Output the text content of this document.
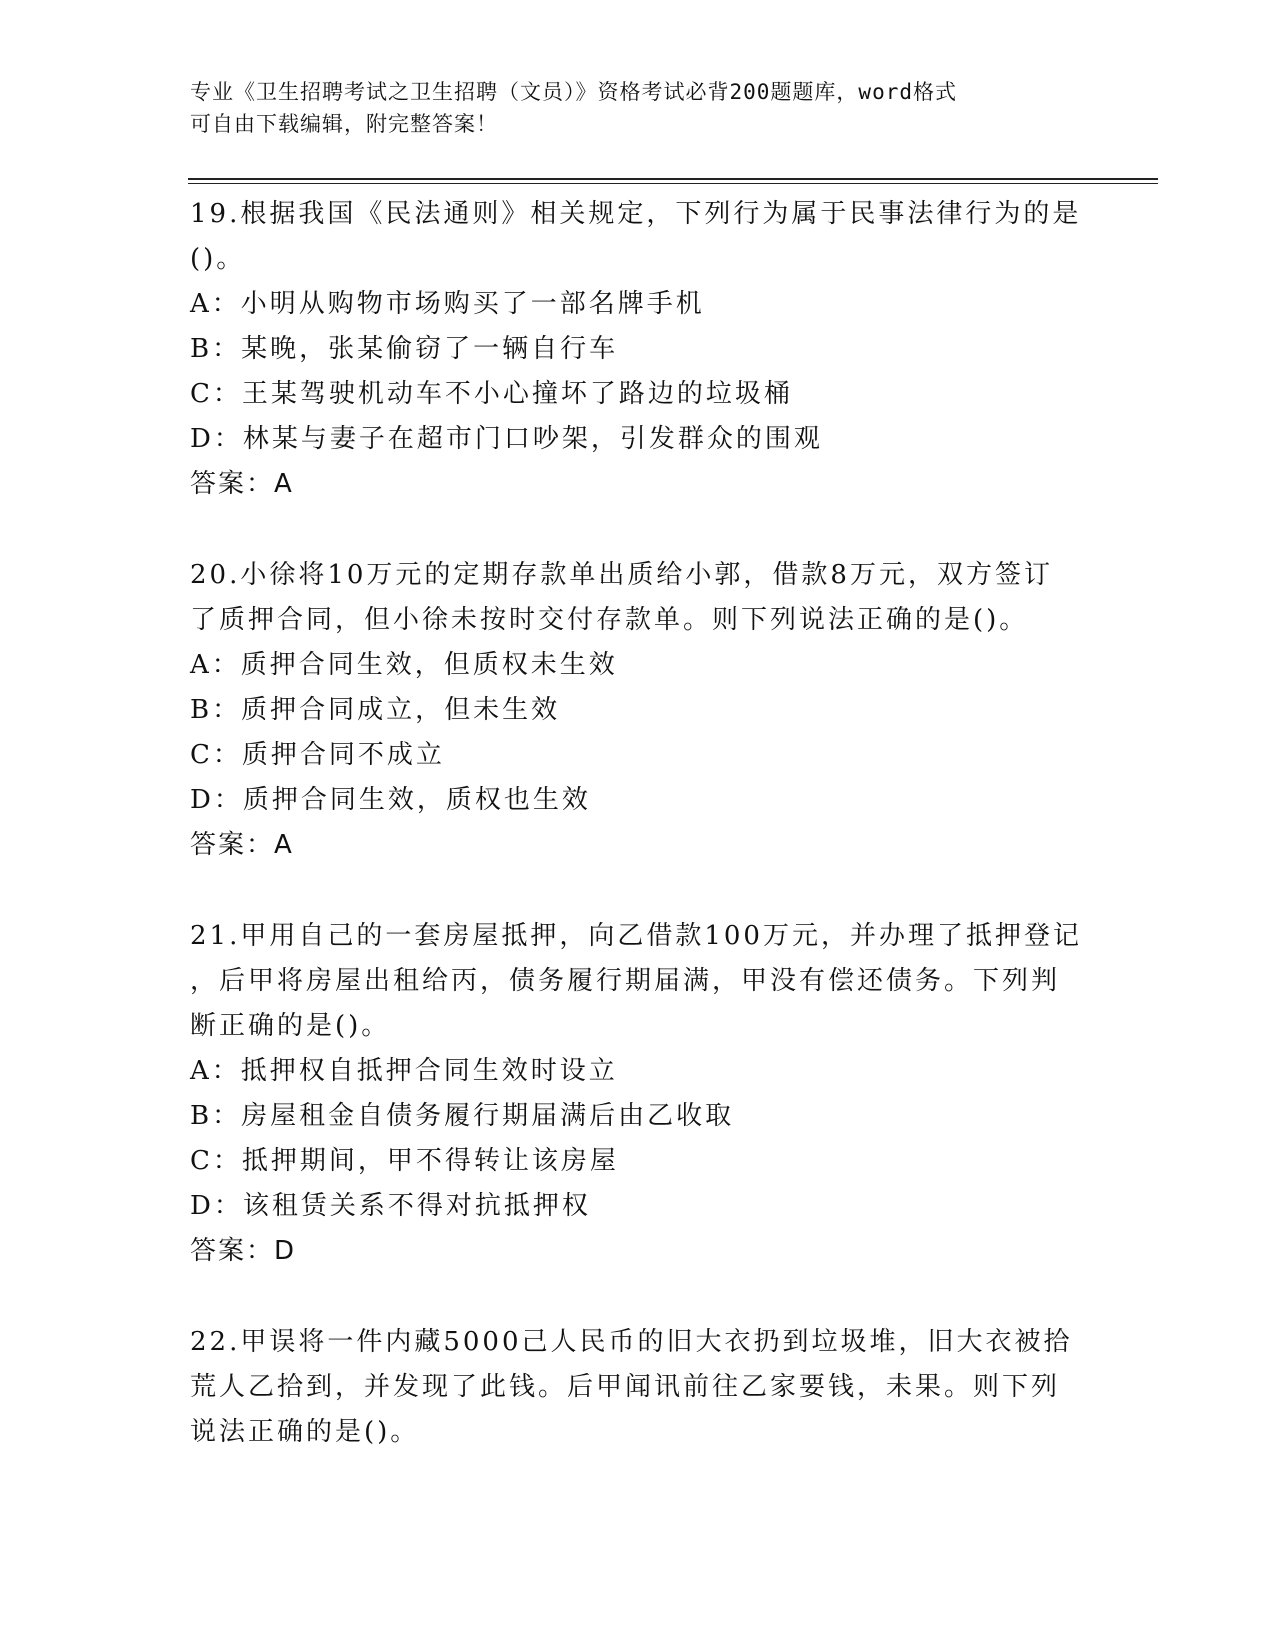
专业《卫生招聘考试之卫生招聘（文员）》资格考试必背200题题库，word格式
可自由下载编辑，附完整答案！

19.根据我国《民法通则》相关规定，下列行为属于民事法律行为的是

()。

A：小明从购物市场购买了一部名牌手机

B：某晚，张某偷窃了一辆自行车

C：王某驾驶机动车不小心撞坏了路边的垃圾桶

D：林某与妻子在超市门口吵架，引发群众的围观

答案：A

20.小徐将10万元的定期存款单出质给小郭，借款8万元，双方签订

了质押合同，但小徐未按时交付存款单。则下列说法正确的是()。

A：质押合同生效，但质权未生效

B：质押合同成立，但未生效

C：质押合同不成立

D：质押合同生效，质权也生效

答案：A

21.甲用自己的一套房屋抵押，向乙借款100万元，并办理了抵押登记

，后甲将房屋出租给丙，债务履行期届满，甲没有偿还债务。下列判

断正确的是()。

A：抵押权自抵押合同生效时设立

B：房屋租金自债务履行期届满后由乙收取

C：抵押期间，甲不得转让该房屋

D：该租赁关系不得对抗抵押权

答案：D

22.甲误将一件内藏5000己人民币的旧大衣扔到垃圾堆，旧大衣被拾

荒人乙拾到，并发现了此钱。后甲闻讯前往乙家要钱，未果。则下列

说法正确的是()。
